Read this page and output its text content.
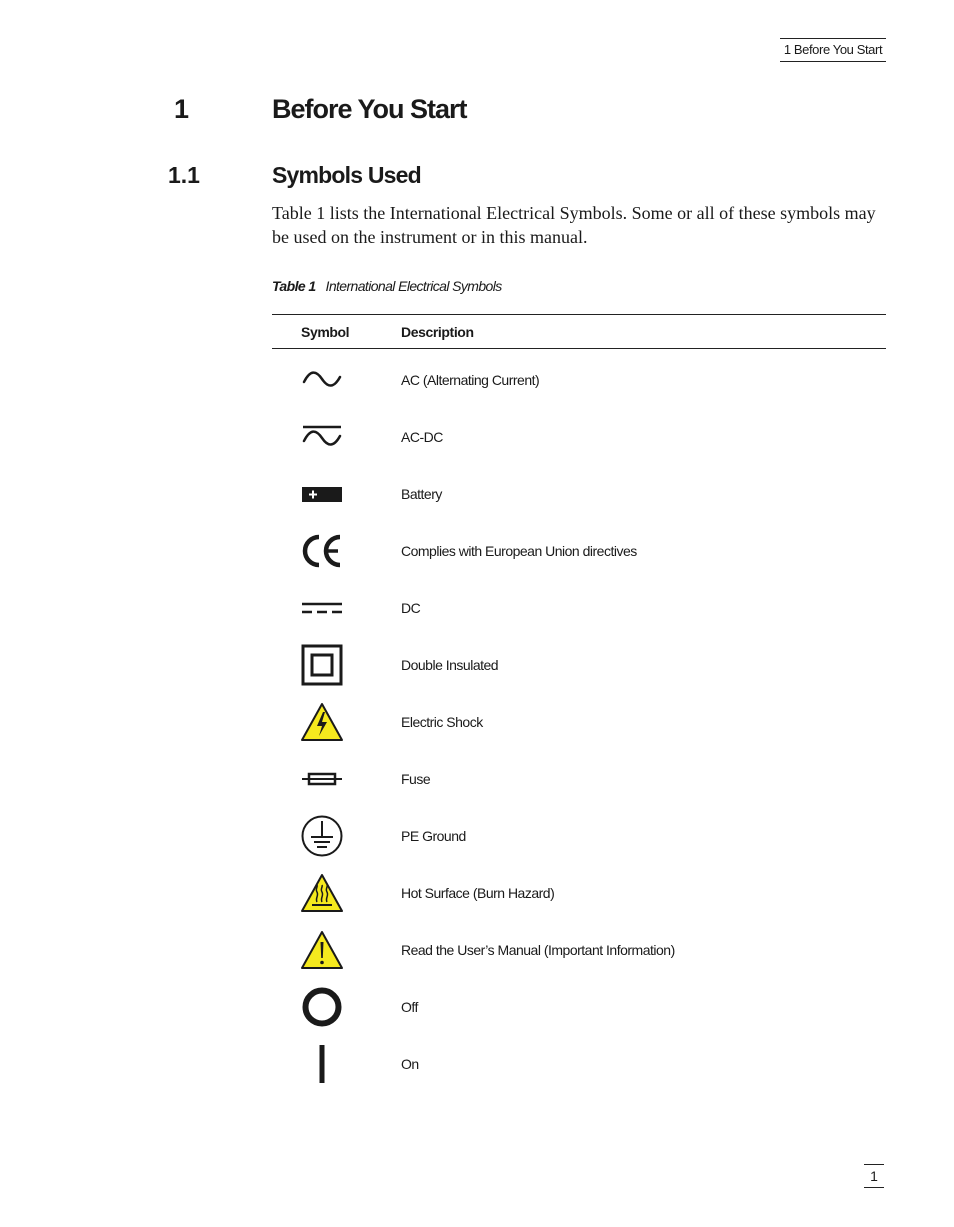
1 Before You Start
1	Before You Start
1.1	Symbols Used

Table 1 lists the International Electrical Symbols. Some or all of these symbols may be used on the instrument or in this manual.

Table 1 International Electrical Symbols
Symbol	Description
AC (Alternating Current)
AC-DC
Battery
Complies with European Union directives
DC
Double Insulated
Electric Shock
Fuse
PE Ground
Hot Surface (Burn Hazard)
Read the User’s Manual (Important Information)
Off
On
1
